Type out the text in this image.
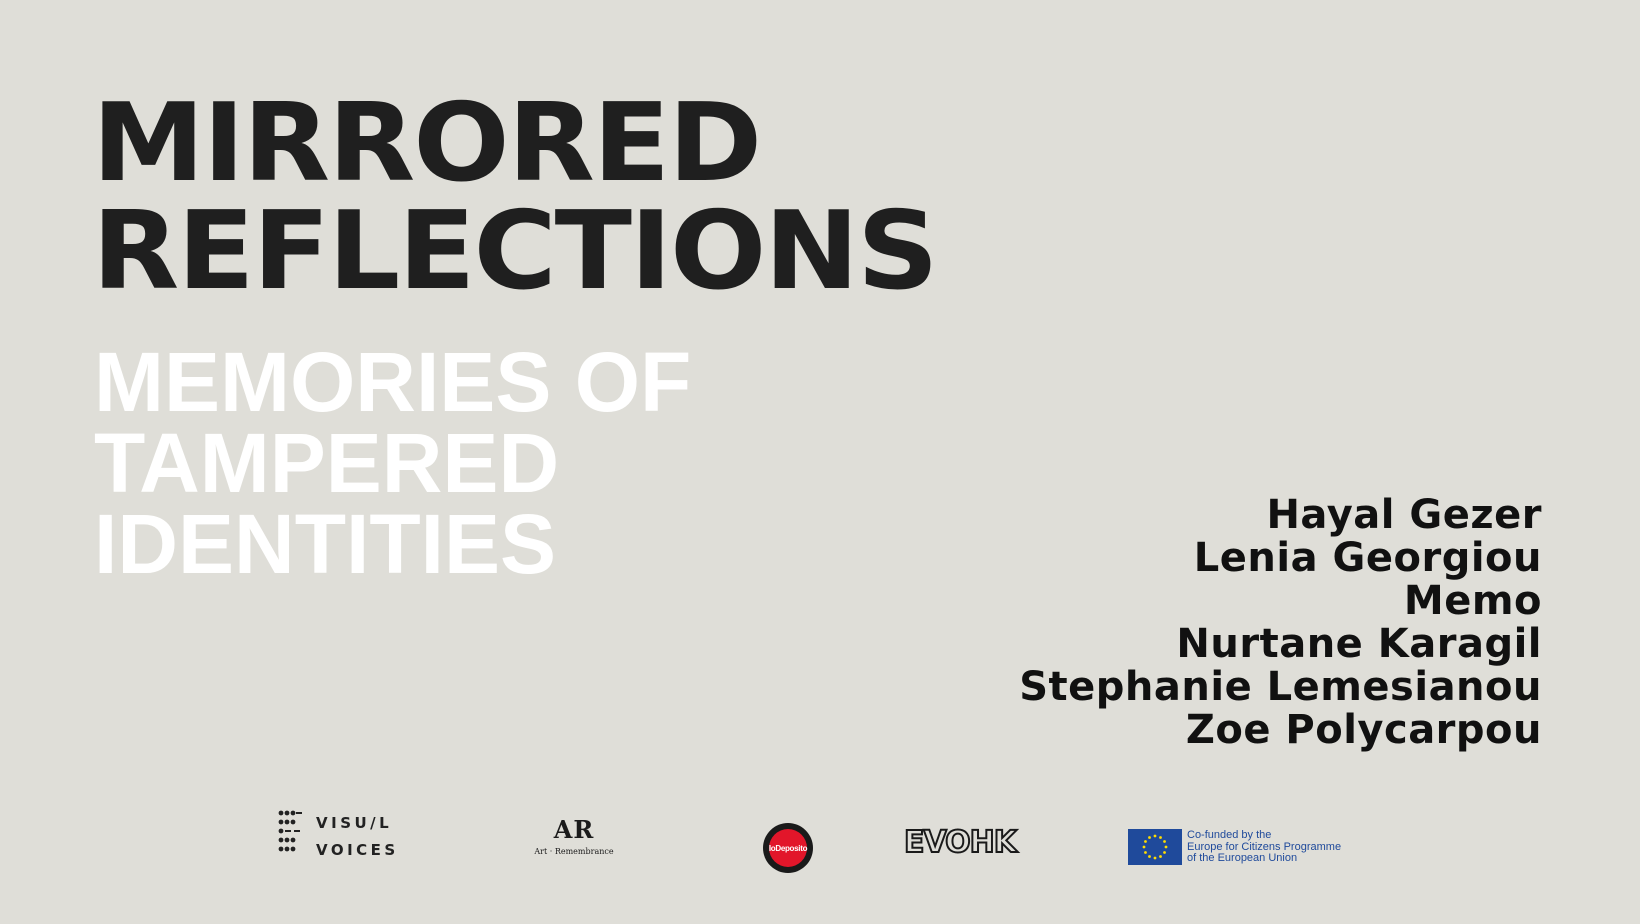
MIRRORED
REFLECTIONS
MEMORIES OF
TAMPERED
IDENTITIES	Hayal Gezer
Lenia Georgiou
Memo
Nurtane Karagil
Stephanie Lemesianou
Zoe Polycarpou
VISU/L
VOICES
AR
Art · Remembrance	IoDeposito	EVOHK	Co-funded by the
Europe for Citizens Programme
of the European Union
